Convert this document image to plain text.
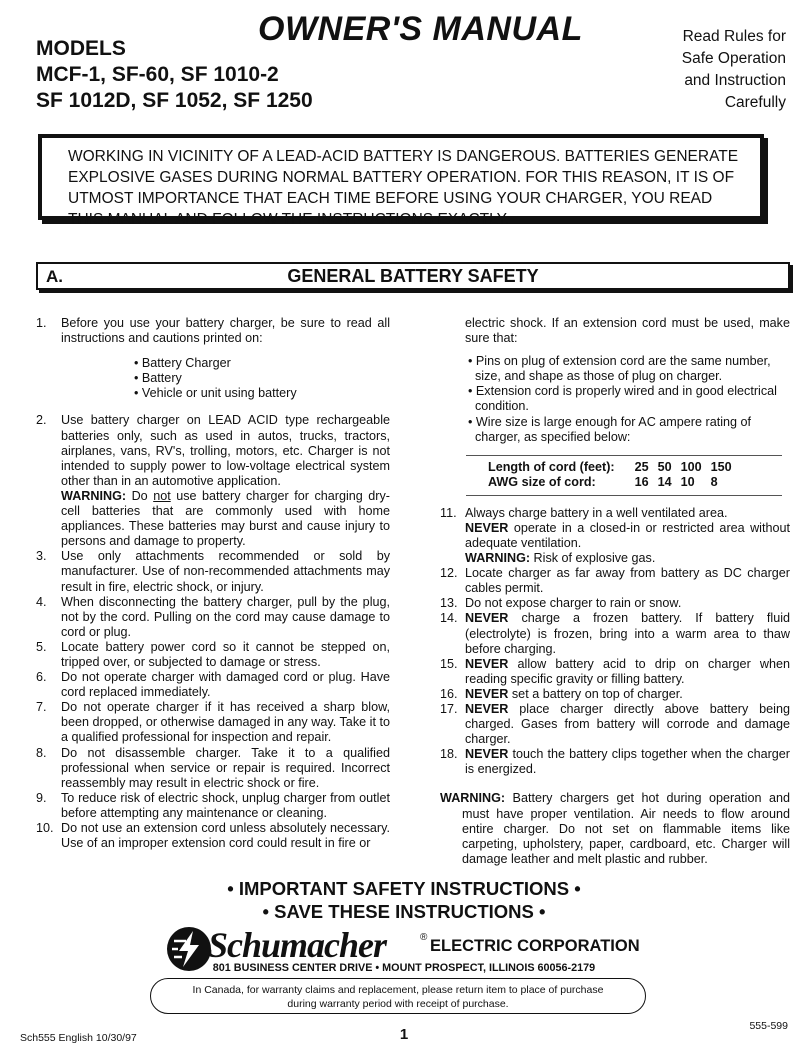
MODELS
MCF-1, SF-60, SF 1010-2
SF 1012D, SF 1052, SF 1250
OWNER'S MANUAL	Read Rules for
Safe Operation
and Instruction
Carefully
WORKING IN VICINITY OF A LEAD-ACID BATTERY IS DANGEROUS. BATTERIES GENERATE
EXPLOSIVE GASES DURING NORMAL BATTERY OPERATION. FOR THIS REASON, IT IS OF
UTMOST IMPORTANCE THAT EACH TIME BEFORE USING YOUR CHARGER, YOU READ
THIS MANUAL AND FOLLOW THE INSTRUCTIONS EXACTLY.
A.	GENERAL BATTERY SAFETY
1. Before you use your battery charger, be sure to read all instructions and cautions printed on:
• Battery Charger
• Battery
• Vehicle or unit using battery
2. Use battery charger on LEAD ACID type rechargeable batteries only, such as used in autos, trucks, tractors, airplanes, vans, RV's, trolling, motors, etc. Charger is not intended to supply power to low-voltage electrical system other than in an automotive application.
WARNING: Do not use battery charger for charging dry-cell batteries that are commonly used with home appliances. These batteries may burst and cause injury to persons and damage to property.
3. Use only attachments recommended or sold by manufacturer. Use of non-recommended attachments may result in fire, electric shock, or injury.
4. When disconnecting the battery charger, pull by the plug, not by the cord. Pulling on the cord may cause damage to cord or plug.
5. Locate battery power cord so it cannot be stepped on, tripped over, or subjected to damage or stress.
6. Do not operate charger with damaged cord or plug. Have cord replaced immediately.
7. Do not operate charger if it has received a sharp blow, been dropped, or otherwise damaged in any way. Take it to a qualified professional for inspection and repair.
8. Do not disassemble charger. Take it to a qualified professional when service or repair is required. Incorrect reassembly may result in electric shock or fire.
9. To reduce risk of electric shock, unplug charger from outlet before attempting any maintenance or cleaning.
10. Do not use an extension cord unless absolutely necessary. Use of an improper extension cord could result in fire or
electric shock. If an extension cord must be used, make sure that:
• Pins on plug of extension cord are the same number, size, and shape as those of plug on charger.
• Extension cord is properly wired and in good electrical condition.
• Wire size is large enough for AC ampere rating of charger, as specified below:
Length of cord (feet):	25	50	100	150
AWG size of cord:	16	14	10	8
11. Always charge battery in a well ventilated area.
NEVER operate in a closed-in or restricted area without adequate ventilation.
WARNING: Risk of explosive gas.
12. Locate charger as far away from battery as DC charger cables permit.
13. Do not expose charger to rain or snow.
14. NEVER charge a frozen battery. If battery fluid (electrolyte) is frozen, bring into a warm area to thaw before charging.
15. NEVER allow battery acid to drip on charger when reading specific gravity or filling battery.
16. NEVER set a battery on top of charger.
17. NEVER place charger directly above battery being charged. Gases from battery will corrode and damage charger.
18. NEVER touch the battery clips together when the charger is energized.
WARNING: Battery chargers get hot during operation and must have proper ventilation. Air needs to flow around entire charger. Do not set on flammable items like carpeting, upholstery, paper, cardboard, etc. Charger will damage leather and melt plastic and rubber.
• IMPORTANT SAFETY INSTRUCTIONS •
• SAVE THESE INSTRUCTIONS •
Schumacher	® ELECTRIC CORPORATION
801 BUSINESS CENTER DRIVE • MOUNT PROSPECT, ILLINOIS 60056-2179
In Canada, for warranty claims and replacement, please return item to place of purchase
during warranty period with receipt of purchase.
Sch555 English 10/30/97	1	555-599
